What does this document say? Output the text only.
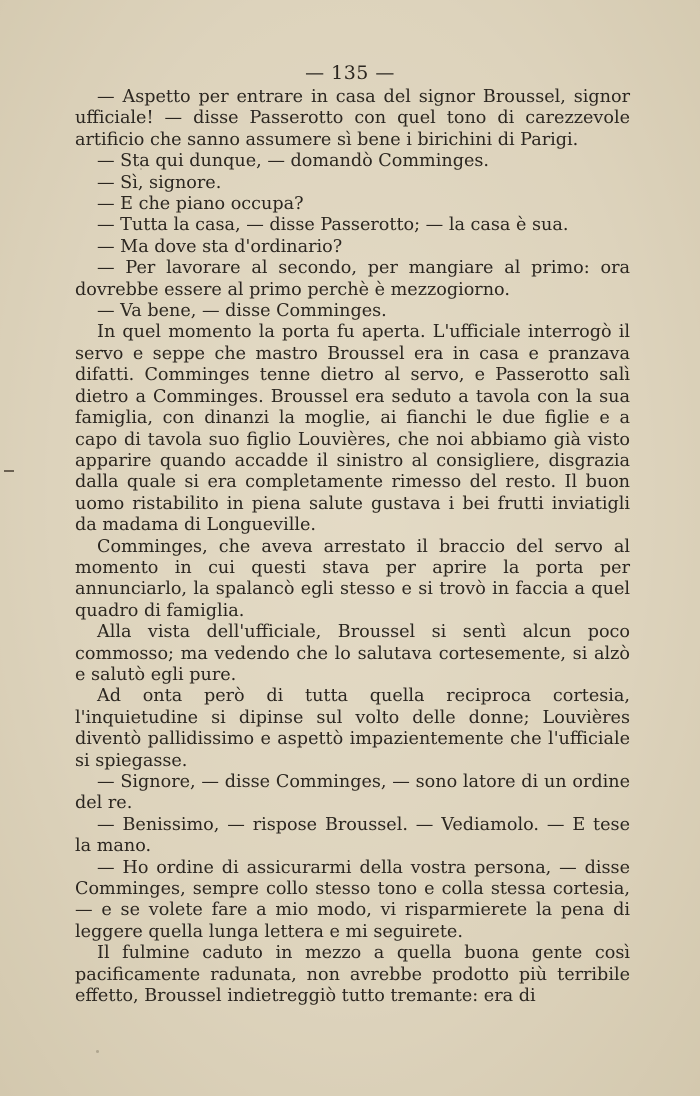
— 135 —

— Aspetto per entrare in casa del signor Broussel, signor ufficiale! — disse Passerotto con quel tono di carezzevole artificio che sanno assumere sì bene i birichini di Parigi.

— Sta qui dunque, — domandò Comminges.

— Sì, signore.

— E che piano occupa?

— Tutta la casa, — disse Passerotto; — la casa è sua.

— Ma dove sta d'ordinario?

— Per lavorare al secondo, per mangiare al primo: ora dovrebbe essere al primo perchè è mezzogiorno.

— Va bene, — disse Comminges.

In quel momento la porta fu aperta. L'ufficiale interrogò il servo e seppe che mastro Broussel era in casa e pranzava difatti. Comminges tenne dietro al servo, e Passerotto salì dietro a Comminges. Broussel era seduto a tavola con la sua famiglia, con dinanzi la moglie, ai fianchi le due figlie e a capo di tavola suo figlio Louvières, che noi abbiamo già visto apparire quando accadde il sinistro al consigliere, disgrazia dalla quale si era completamente rimesso del resto. Il buon uomo ristabilito in piena salute gustava i bei frutti inviatigli da madama di Longueville.

Comminges, che aveva arrestato il braccio del servo al momento in cui questi stava per aprire la porta per annunciarlo, la spalancò egli stesso e si trovò in faccia a quel quadro di famiglia.

Alla vista dell'ufficiale, Broussel si sentì alcun poco commosso; ma vedendo che lo salutava cortesemente, si alzò e salutò egli pure.

Ad onta però di tutta quella reciproca cortesia, l'inquietudine si dipinse sul volto delle donne; Louvières diventò pallidissimo e aspettò impazientemente che l'ufficiale si spiegasse.

— Signore, — disse Comminges, — sono latore di un ordine del re.

— Benissimo, — rispose Broussel. — Vediamolo. — E tese la mano.

— Ho ordine di assicurarmi della vostra persona, — disse Comminges, sempre collo stesso tono e colla stessa cortesia, — e se volete fare a mio modo, vi risparmierete la pena di leggere quella lunga lettera e mi seguirete.

Il fulmine caduto in mezzo a quella buona gente così pacificamente radunata, non avrebbe prodotto più terribile effetto, Broussel indietreggiò tutto tremante: era di
